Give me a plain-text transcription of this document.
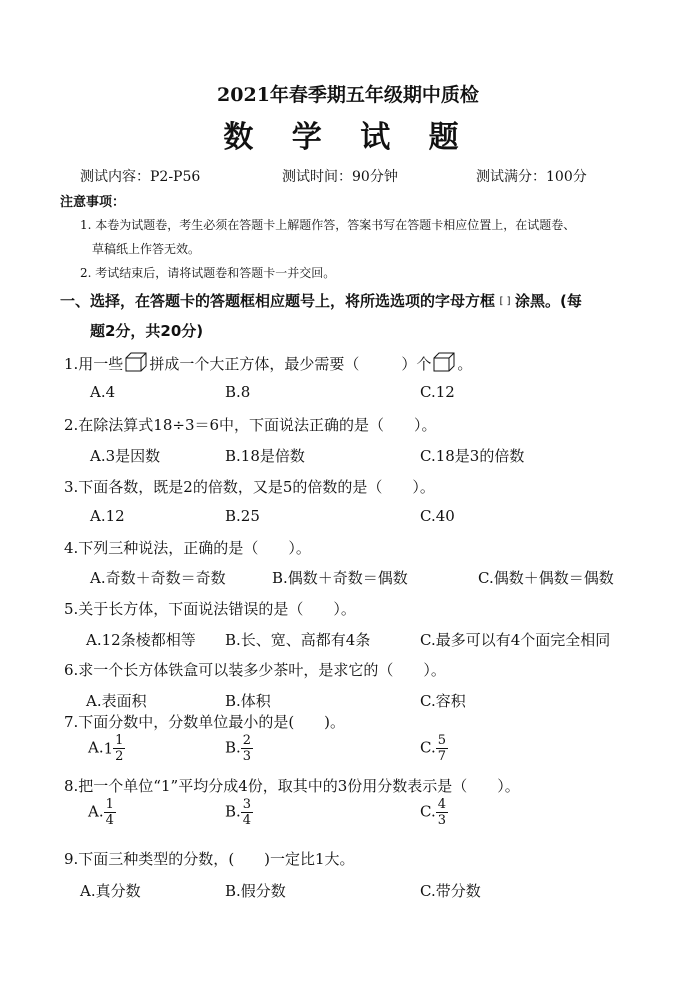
2021年春季期五年级期中质检
数 学 试 题
测试内容：P2-P56	测试时间：90分钟	测试满分：100分
注意事项：
1. 本卷为试题卷，考生必须在答题卡上解题作答，答案书写在答题卡相应位置上，在试题卷、
草稿纸上作答无效。
2. 考试结束后，请将试题卷和答题卡一并交回。
一、选择，在答题卡的答题框相应题号上，将所选选项的字母方框 [ ] 涂黑。(每
题2分，共20分)
1.用一些 拼成一个大正方体，最少需要（	）个 。
A.4	B.8	C.12
2.在除法算式18÷3＝6中，下面说法正确的是（　　）。
A.3是因数	B.18是倍数	C.18是3的倍数
3.下面各数，既是2的倍数，又是5的倍数的是（　　）。
A.12	B.25	C.40
4.下列三种说法，正确的是（　　）。
A.奇数＋奇数＝奇数	B.偶数＋奇数＝偶数	C.偶数＋偶数＝偶数
5.关于长方体，下面说法错误的是（　　）。
A.12条棱都相等 B.长、宽、高都有4条	C.最多可以有4个面完全相同
6.求一个长方体铁盒可以装多少茶叶，是求它的（　　）。
A.表面积	B.体积	C.容积
7.下面分数中，分数单位最小的是(　　)。
$A.1 \frac{1}{2}$	B. $\frac{2}{3}$	C. $\frac{5}{7}$
8.把一个单位“1”平均分成4份，取其中的3份用分数表示是（　　）。
A. $\frac{1}{4}$	B. $\frac{3}{4}$	C. $\frac{4}{3}$
9.下面三种类型的分数，(　　)一定比1大。
A.真分数	B.假分数	C.带分数
